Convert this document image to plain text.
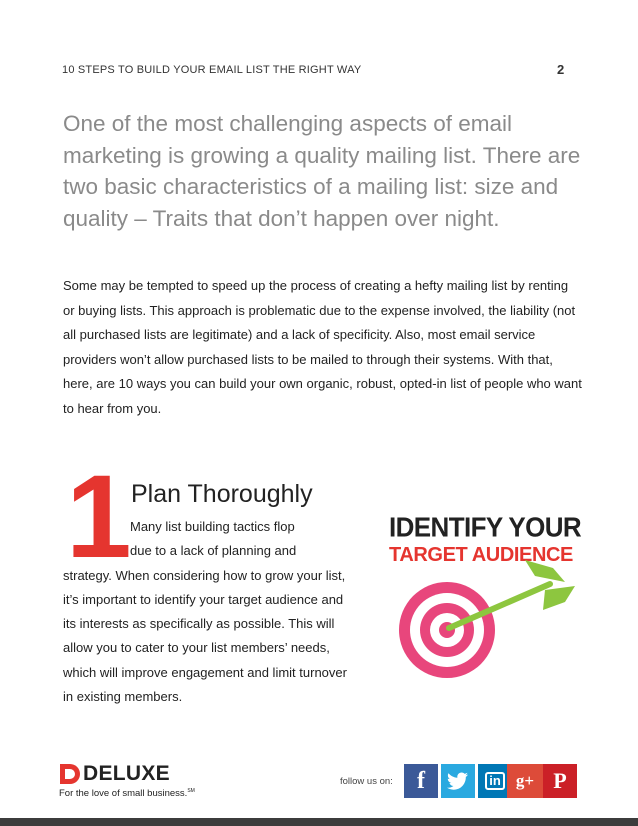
10 STEPS TO BUILD YOUR EMAIL LIST THE RIGHT WAY	2

One of the most challenging aspects of email marketing is growing a quality mailing list. There are two basic characteristics of a mailing list: size and quality – Traits that don’t happen over night.

Some may be tempted to speed up the process of creating a hefty mailing list by renting or buying lists. This approach is problematic due to the expense involved, the liability (not all purchased lists are legitimate) and a lack of specificity. Also, most email service providers won’t allow purchased lists to be mailed to through their systems. With that, here, are 10 ways you can build your own organic, robust, opted-in list of people who want to hear from you.

1 Plan Thoroughly
Many list building tactics flop
due to a lack of planning and
strategy. When considering how to grow your list, it’s important to identify your target audience and its interests as specifically as possible. This will allow you to cater to your list members’ needs, which will improve engagement and limit turnover in existing members.
IDENTIFY YOUR
TARGET AUDIENCE
DELUXE
For the love of small business.℠
follow us on: f	in g+ P
